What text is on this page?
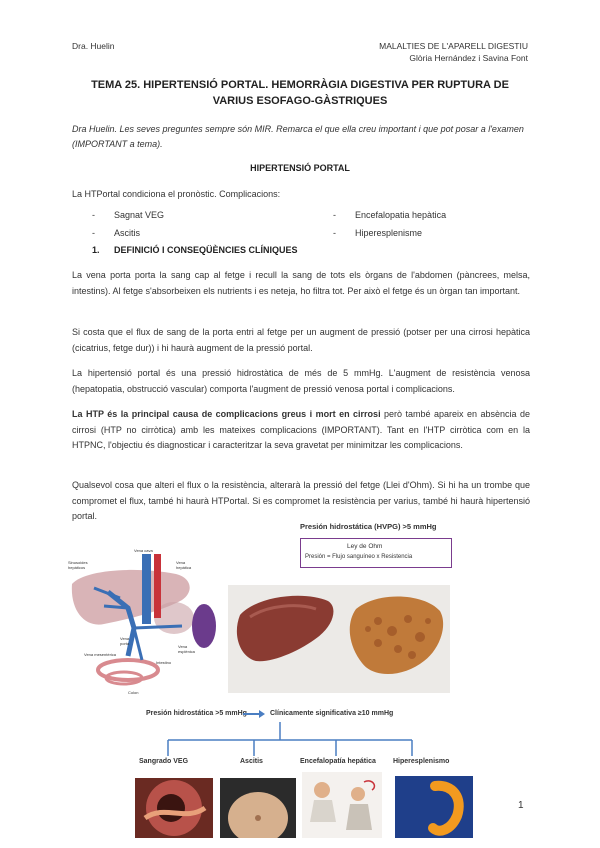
Dra. Huelin	MALALTIES DE L'APARELL DIGESTIU
Glòria Hernández i Savina Font
TEMA 25. HIPERTENSIÓ PORTAL. HEMORRÀGIA DIGESTIVA PER RUPTURA DE
VARIUS ESOFAGO-GÀSTRIQUES
Dra Huelin. Les seves preguntes sempre són MIR. Remarca el que ella creu important i que pot posar a l'examen (IMPORTANT a tema).
HIPERTENSIÓ PORTAL
La HTPortal condiciona el pronòstic. Complicacions:
- Sagnat VEG
- Ascitis
- Encefalopatia hepàtica
- Hiperesplenisme
1. DEFINICIÓ I CONSEQÜÈNCIES CLÍNIQUES
La vena porta porta la sang cap al fetge i recull la sang de tots els òrgans de l'abdomen (pàncrees, melsa, intestins). Al fetge s'absorbeixen els nutrients i es neteja, ho filtra tot. Per això el fetge és un òrgan tan important.
Si costa que el flux de sang de la porta entri al fetge per un augment de pressió (potser per una cirrosi hepàtica (cicatrius, fetge dur)) i hi haurà augment de la pressió portal.
La hipertensió portal és una pressió hidrostàtica de més de 5 mmHg. L'augment de resistència venosa (hepatopatia, obstrucció vascular) comporta l'augment de pressió venosa portal i complicacions.
La HTP és la principal causa de complicacions greus i mort en cirrosi però també apareix en absència de cirrosi (HTP no cirròtica) amb les mateixes complicacions (IMPORTANT). Tant en l'HTP cirròtica com en la HTPNC, l'objectiu és diagnosticar i caracteritzar la seva gravetat per minimitzar les complicacions.
Qualsevol cosa que alteri el flux o la resistència, alterarà la pressió del fetge (Llei d'Ohm). Si hi ha un trombe que compromet el flux, també hi haurà HTPortal. Si es compromet la resistència per varius, també hi haurà hipertensió portal.
Presión hidrostática (HVPG) >5 mmHg
Ley de Ohm
Presión = Flujo sanguíneo x Resistencia
Sinusoides
hepáticos
Vena cava
Vena
hepática
Vena
porta
Vena
esplénica
Vena mesentérica
Intestino
Colon
Presión hidrostática >5 mmHg	Clínicamente significativa ≥10 mmHg
Sangrado VEG	Ascitis	Encefalopatía hepática Hiperesplenismo
1
